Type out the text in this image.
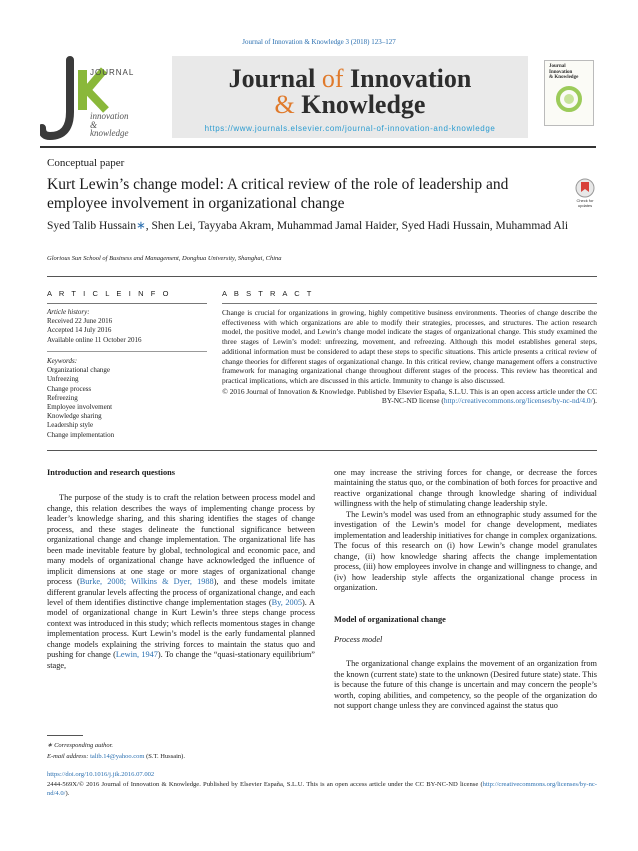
Journal of Innovation & Knowledge 3 (2018) 123–127
JOURNAL
innovation
&
knowledge
Journal of Innovation
& Knowledge
https://www.journals.elsevier.com/journal-of-innovation-and-knowledge
Journal
Innovation
& Knowledge
Conceptual paper
Kurt Lewin’s change model: A critical review of the role of leadership and employee involvement in organizational change	Check for
updates
Syed Talib Hussain∗, Shen Lei, Tayyaba Akram, Muhammad Jamal Haider, Syed Hadi Hussain, Muhammad Ali
Glorious Sun School of Business and Management, Donghua University, Shanghai, China
A R T I C L E I N F O	A B S T R A C T
Article history:
Received 22 June 2016
Accepted 14 July 2016
Available online 11 October 2016
Keywords:
Organizational change
Unfreezing
Change process
Refreezing
Employee involvement
Knowledge sharing
Leadership style
Change implementation
Change is crucial for organizations in growing, highly competitive business environments. Theories of change describe the effectiveness with which organizations are able to modify their strategies, processes, and structures. The action research model, the positive model, and Lewin’s change model indicate the stages of organizational change. This study examined the three stages of Lewin’s model: unfreezing, movement, and refreezing. Although this model establishes general steps, additional information must be considered to adapt these steps to specific situations. This article presents a critical review of change theories for different stages of organizational change. In this critical review, change management offers a constructive framework for managing organizational change throughout different stages of the process. This review has theoretical and practical implications, which are discussed in this article. Immunity to change is also discussed.
© 2016 Journal of Innovation & Knowledge. Published by Elsevier España, S.L.U. This is an open access article under the CC BY-NC-ND license (http://creativecommons.org/licenses/by-nc-nd/4.0/).
Introduction and research questions

The purpose of the study is to craft the relation between process model and change, this relation describes the ways of implementing change process by leader’s knowledge sharing, and this sharing identifies the stages of change process, and these stages delineate the functional significance between organizational change and change implementation. The organizational life has been made inevitable feature by global, technological and economic pace, and many models of organizational change have acknowledged the influence of implicit dimensions at one stage or more stages of organizational change process (Burke, 2008; Wilkins & Dyer, 1988), and these models imitate different granular levels affecting the process of organizational change, and each level of them identifies distinctive change implementation stages (By, 2005). A model of organizational change in Kurt Lewin’s three steps change process context was introduced in this study; which reflects momentous stages in change implementation process. Kurt Lewin’s model is the early fundamental planned change models explaining the striving forces to maintain the status quo and pushing for change (Lewin, 1947). To change the “quasi-stationary equilibrium” stage,

one may increase the striving forces for change, or decrease the forces maintaining the status quo, or the combination of both forces for proactive and reactive organizational change through knowledge sharing of individual willingness with the help of stimulating change leadership style.

The Lewin’s model was used from an ethnographic study assumed for the investigation of the Lewin’s model for change development, mediates implementation and leadership initiatives for change in complex organizations. The focus of this research on (i) how Lewin’s change model granulates change, (ii) how knowledge sharing affects the change implementation process, (iii) how employees involve in change and willingness to change, and (iv) how leadership style affects the organizational change process in organization.

Model of organizational change
Process model

The organizational change explains the movement of an organization from the known (current state) state to the unknown (Desired future state) state. This is because the future of this change is uncertain and may concern the people’s worth, coping abilities, and competency, so the people of the organization do not support change unless they are convinced against the status quo

∗ Corresponding author.
E-mail address: talib.14@yahoo.com (S.T. Hussain).
https://doi.org/10.1016/j.jik.2016.07.002
2444-569X/© 2016 Journal of Innovation & Knowledge. Published by Elsevier España, S.L.U. This is an open access article under the CC BY-NC-ND license (http://creativecommons.org/licenses/by-nc-nd/4.0/).
